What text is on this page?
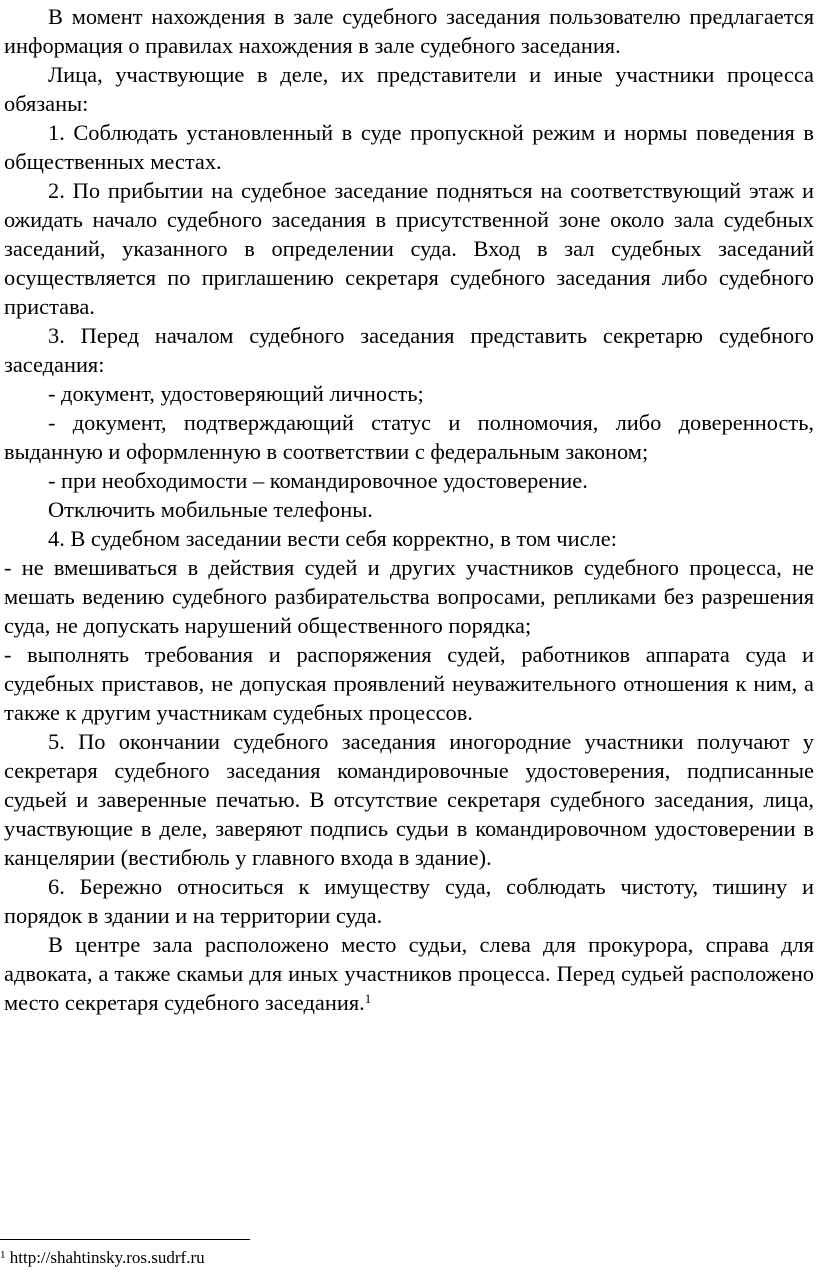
В момент нахождения в зале судебного заседания пользователю предлагается информация о правилах нахождения в зале судебного заседания.

Лица, участвующие в деле, их представители и иные участники процесса обязаны:

1. Соблюдать установленный в суде пропускной режим и нормы поведения в общественных местах.

2. По прибытии на судебное заседание подняться на соответствующий этаж и ожидать начало судебного заседания в присутственной зоне около зала судебных заседаний, указанного в определении суда. Вход в зал судебных заседаний осуществляется по приглашению секретаря судебного заседания либо судебного пристава.

3. Перед началом судебного заседания представить секретарю судебного заседания:

- документ, удостоверяющий личность;

- документ, подтверждающий статус и полномочия, либо доверенность, выданную и оформленную в соответствии с федеральным законом;

- при необходимости – командировочное удостоверение.

Отключить мобильные телефоны.

4. В судебном заседании вести себя корректно, в том числе:

- не вмешиваться в действия судей и других участников судебного процесса, не мешать ведению судебного разбирательства вопросами, репликами без разрешения суда, не допускать нарушений общественного порядка;

- выполнять требования и распоряжения судей, работников аппарата суда и судебных приставов, не допуская проявлений неуважительного отношения к ним, а также к другим участникам судебных процессов.

5. По окончании судебного заседания иногородние участники получают у секретаря судебного заседания командировочные удостоверения, подписанные судьей и заверенные печатью. В отсутствие секретаря судебного заседания, лица, участвующие в деле, заверяют подпись судьи в командировочном удостоверении в канцелярии (вестибюль у главного входа в здание).

6. Бережно относиться к имуществу суда, соблюдать чистоту, тишину и порядок в здании и на территории суда.

В центре зала расположено место судьи, слева для прокурора, справа для адвоката, а также скамьи для иных участников процесса. Перед судьей расположено место секретаря судебного заседания.$^1$

$^1$ http://shahtinsky.ros.sudrf.ru
